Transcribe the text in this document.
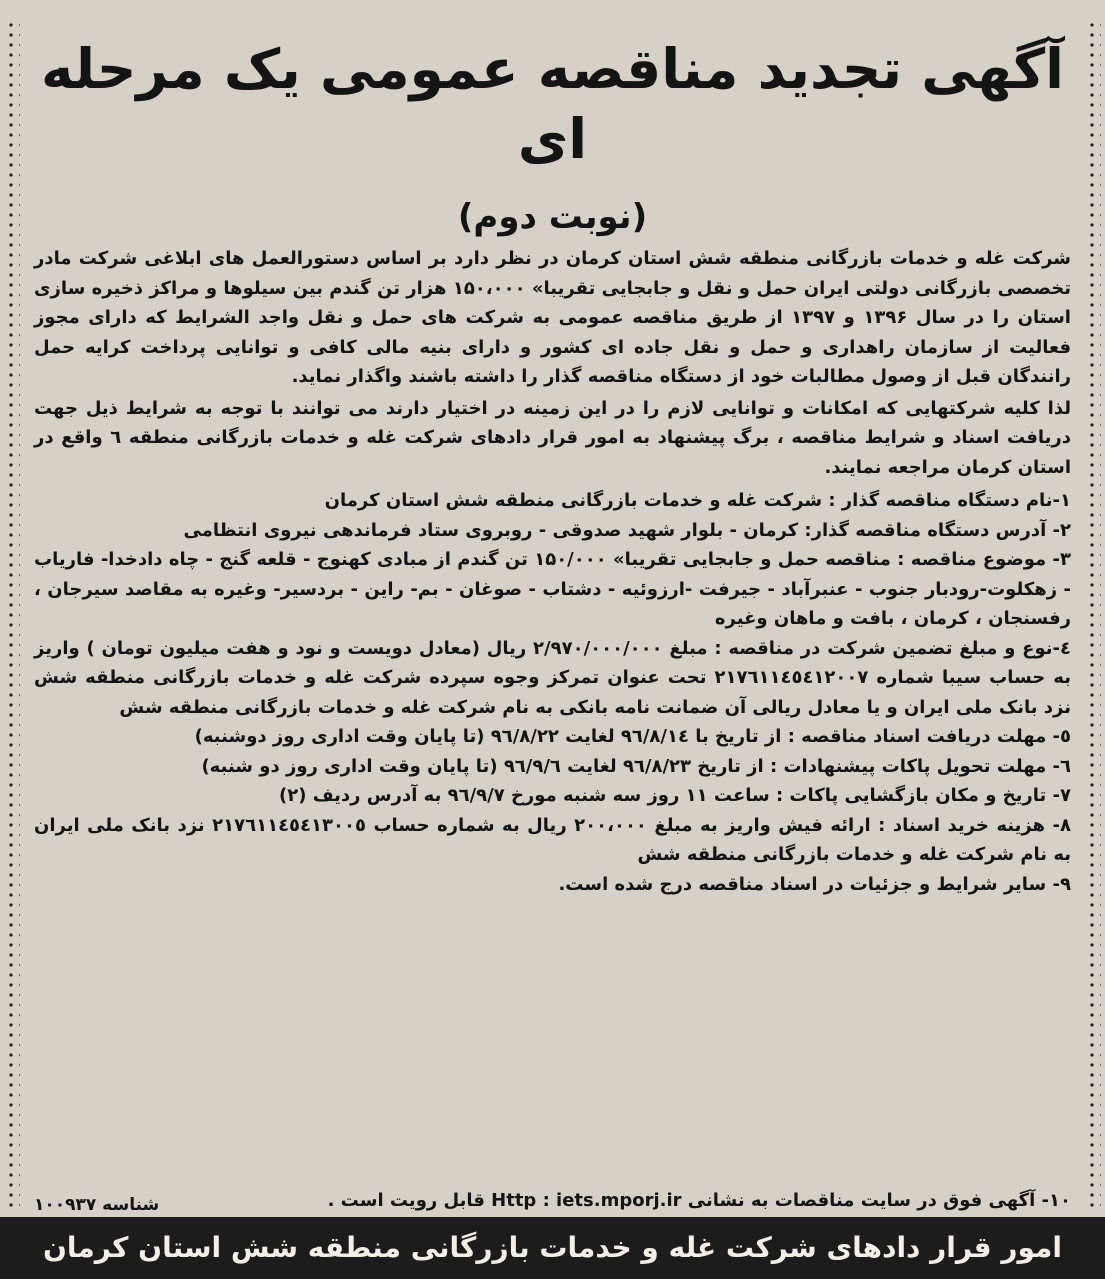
آگهی تجدید مناقصه عمومی یک مرحله ای
(نوبت دوم)

شرکت غله و خدمات بازرگانی منطقه شش استان کرمان در نظر دارد بر اساس دستورالعمل های ابلاغی شرکت مادر تخصصی بازرگانی دولتی ایران حمل و نقل و جابجایی تقریبا» ۱۵۰،۰۰۰ هزار تن گندم بین سیلوها و مراکز ذخیره سازی استان را در سال ۱۳۹۶ و ۱۳۹۷ از طریق مناقصه عمومی به شرکت های حمل و نقل واجد الشرایط که دارای مجوز فعالیت از سازمان راهداری و حمل و نقل جاده ای کشور و دارای بنیه مالی کافی و توانایی پرداخت کرایه حمل رانندگان قبل از وصول مطالبات خود از دستگاه مناقصه گذار را داشته باشند واگذار نماید.

لذا کلیه شرکتهایی که امکانات و توانایی لازم را در این زمینه در اختیار دارند می توانند با توجه به شرایط ذیل جهت دریافت اسناد و شرایط مناقصه ، برگ پیشنهاد به امور قرار دادهای شرکت غله و خدمات بازرگانی منطقه ٦ واقع در استان کرمان مراجعه نمایند.

۱-نام دستگاه مناقصه گذار : شرکت غله و خدمات بازرگانی منطقه شش استان کرمان
۲- آدرس دستگاه مناقصه گذار: کرمان - بلوار شهید صدوقی - روبروی ستاد فرماندهی نیروی انتظامی
۳- موضوع مناقصه : مناقصه حمل و جابجایی تقریبا» ۱۵۰/۰۰۰ تن گندم از مبادی کهنوج - قلعه گنج - چاه دادخدا- فاریاب - زهکلوت-رودبار جنوب - عنبرآباد - جیرفت -ارزوئیه - دشتاب - صوغان - بم- راین - بردسیر- وغیره به مقاصد سیرجان ، رفسنجان ، کرمان ، بافت و ماهان وغیره
٤-نوع و مبلغ تضمین شرکت در مناقصه : مبلغ ۲/۹۷۰/۰۰۰/۰۰۰ ریال (معادل دویست و نود و هفت میلیون تومان ) واریز به حساب سیبا شماره ۲۱۷٦۱۱٤٥٤۱۲۰۰۷ تحت عنوان تمرکز وجوه سپرده شرکت غله و خدمات بازرگانی منطقه شش نزد بانک ملی ایران و یا معادل ریالی آن ضمانت نامه بانکی به نام شرکت غله و خدمات بازرگانی منطقه شش
٥- مهلت دریافت اسناد مناقصه : از تاریخ با ۹٦/۸/۱٤ لغایت ۹٦/۸/۲۲ (تا پایان وقت اداری روز دوشنبه)
٦- مهلت تحویل پاکات پیشنهادات : از تاریخ ۹٦/۸/۲۳ لغایت ۹٦/۹/٦ (تا پایان وقت اداری روز دو شنبه)
۷- تاریخ و مکان بازگشایی پاکات : ساعت ۱۱ روز سه شنبه مورخ ۹٦/۹/۷ به آدرس ردیف (۲)
۸- هزینه خرید اسناد : ارائه فیش واریز به مبلغ ۲۰۰،۰۰۰ ریال به شماره حساب ۲۱۷٦۱۱٤٥٤۱۳۰۰٥ نزد بانک ملی ایران به نام شرکت غله و خدمات بازرگانی منطقه شش
۹- سایر شرایط و جزئیات در اسناد مناقصه درج شده است.
۱۰- آگهی فوق در سایت مناقصات به نشانی Http : iets.mporj.ir قابل رویت است .
شناسه ۱۰۰۹۳۷
امور قرار دادهای شرکت غله و خدمات بازرگانی منطقه شش استان کرمان
